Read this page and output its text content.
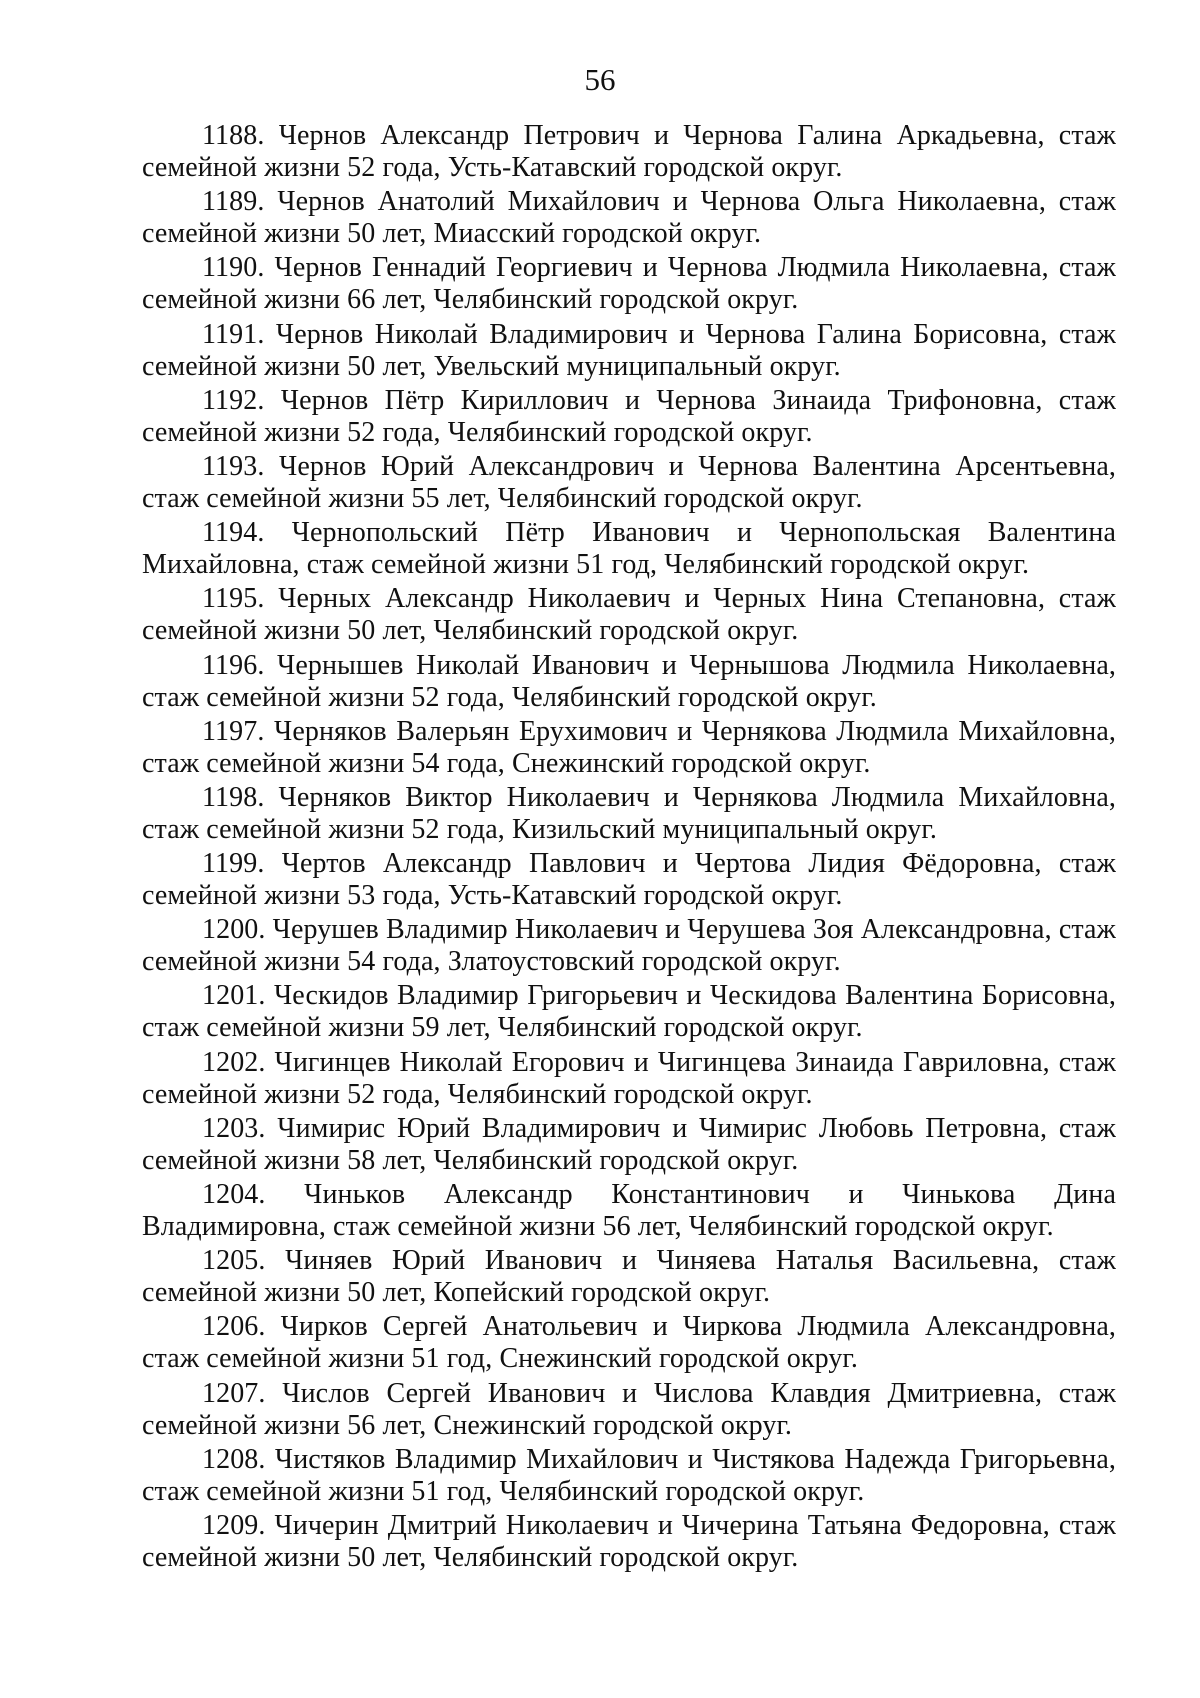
56
1188. Чернов Александр Петрович и Чернова Галина Аркадьевна, стаж семейной жизни 52 года, Усть-Катавский городской округ.
1189. Чернов Анатолий Михайлович и Чернова Ольга Николаевна, стаж семейной жизни 50 лет, Миасский городской округ.
1190. Чернов Геннадий Георгиевич и Чернова Людмила Николаевна, стаж семейной жизни 66 лет, Челябинский городской округ.
1191. Чернов Николай Владимирович и Чернова Галина Борисовна, стаж семейной жизни 50 лет, Увельский муниципальный округ.
1192. Чернов Пётр Кириллович и Чернова Зинаида Трифоновна, стаж семейной жизни 52 года, Челябинский городской округ.
1193. Чернов Юрий Александрович и Чернова Валентина Арсентьевна, стаж семейной жизни 55 лет, Челябинский городской округ.
1194. Чернопольский Пётр Иванович и Чернопольская Валентина Михайловна, стаж семейной жизни 51 год, Челябинский городской округ.
1195. Черных Александр Николаевич и Черных Нина Степановна, стаж семейной жизни 50 лет, Челябинский городской округ.
1196. Чернышев Николай Иванович и Чернышова Людмила Николаевна, стаж семейной жизни 52 года, Челябинский городской округ.
1197. Черняков Валерьян Ерухимович и Чернякова Людмила Михайловна, стаж семейной жизни 54 года, Снежинский городской округ.
1198. Черняков Виктор Николаевич и Чернякова Людмила Михайловна, стаж семейной жизни 52 года, Кизильский муниципальный округ.
1199. Чертов Александр Павлович и Чертова Лидия Фёдоровна, стаж семейной жизни 53 года, Усть-Катавский городской округ.
1200. Черушев Владимир Николаевич и Черушева Зоя Александровна, стаж семейной жизни 54 года, Златоустовский городской округ.
1201. Ческидов Владимир Григорьевич и Ческидова Валентина Борисовна, стаж семейной жизни 59 лет, Челябинский городской округ.
1202. Чигинцев Николай Егорович и Чигинцева Зинаида Гавриловна, стаж семейной жизни 52 года, Челябинский городской округ.
1203. Чимирис Юрий Владимирович и Чимирис Любовь Петровна, стаж семейной жизни 58 лет, Челябинский городской округ.
1204. Чиньков Александр Константинович и Чинькова Дина Владимировна, стаж семейной жизни 56 лет, Челябинский городской округ.
1205. Чиняев Юрий Иванович и Чиняева Наталья Васильевна, стаж семейной жизни 50 лет, Копейский городской округ.
1206. Чирков Сергей Анатольевич и Чиркова Людмила Александровна, стаж семейной жизни 51 год, Снежинский городской округ.
1207. Числов Сергей Иванович и Числова Клавдия Дмитриевна, стаж семейной жизни 56 лет, Снежинский городской округ.
1208. Чистяков Владимир Михайлович и Чистякова Надежда Григорьевна, стаж семейной жизни 51 год, Челябинский городской округ.
1209. Чичерин Дмитрий Николаевич и Чичерина Татьяна Федоровна, стаж семейной жизни 50 лет, Челябинский городской округ.
